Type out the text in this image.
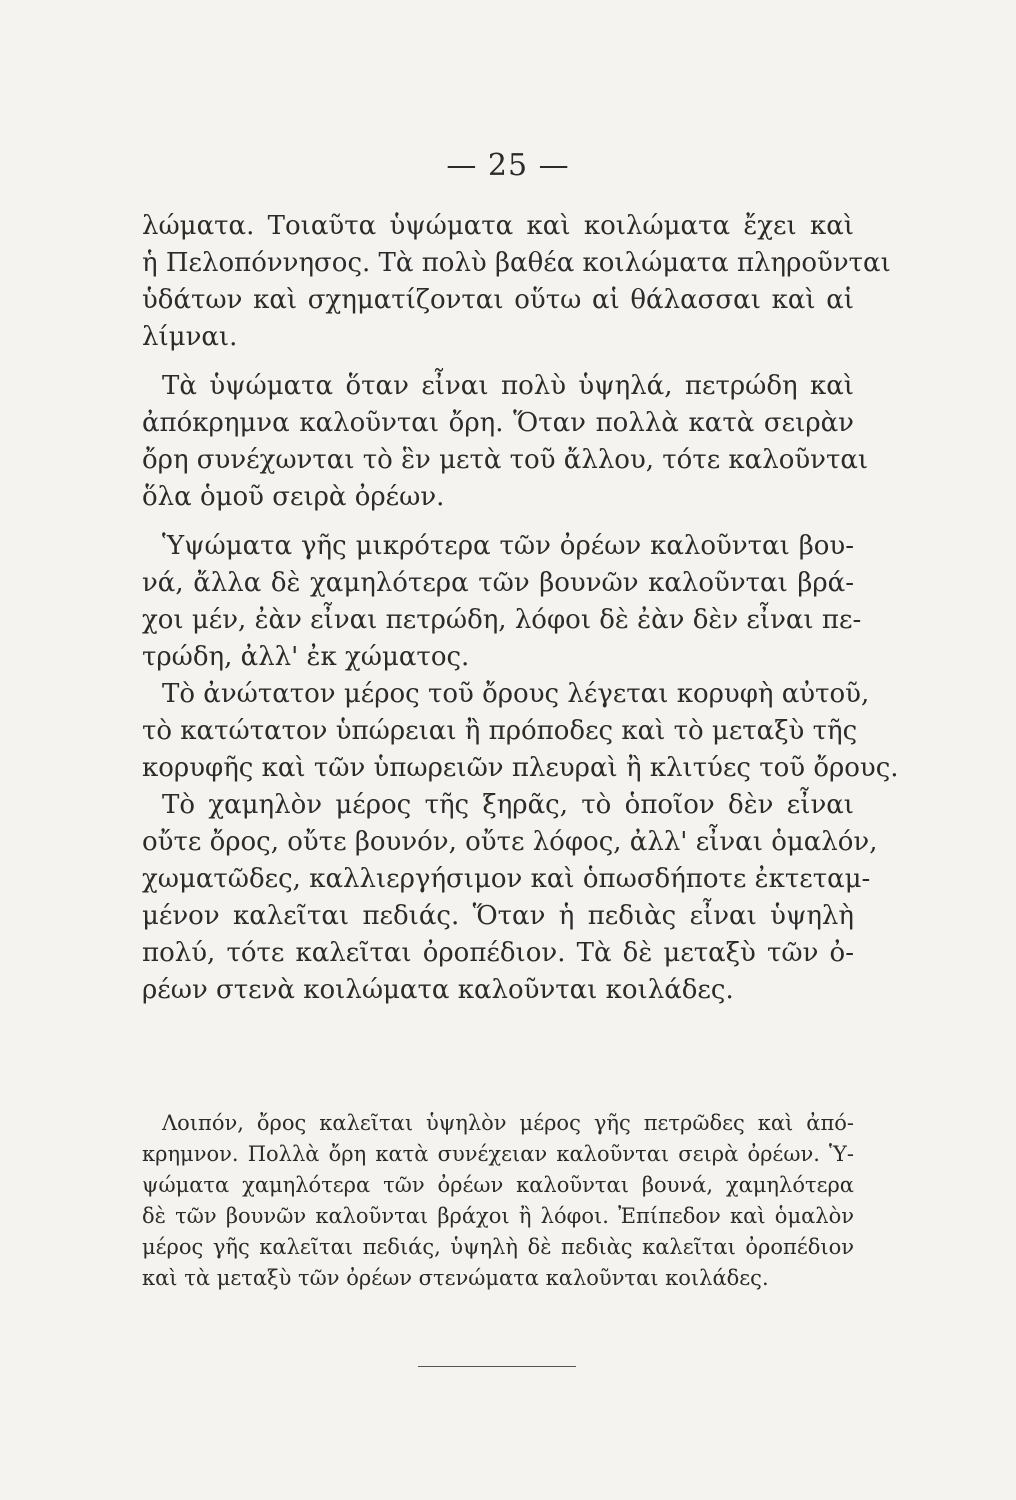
— 25 —
λώματα. Τοιαῦτα ὑψώματα καὶ κοιλώματα ἔχει καὶ
ἡ Πελοπόννησος. Τὰ πολὺ βαθέα κοιλώματα πληροῦνται
ὑδάτων καὶ σχηματίζονται οὕτω αἱ θάλασσαι καὶ αἱ
λίμναι.
Τὰ ὑψώματα ὅταν εἶναι πολὺ ὑψηλά, πετρώδη καὶ
ἀπόκρημνα καλοῦνται ὄρη. Ὅταν πολλὰ κατὰ σειρὰν
ὄρη συνέχωνται τὸ ἓν μετὰ τοῦ ἄλλου, τότε καλοῦνται
ὅλα ὁμοῦ σειρὰ ὀρέων.
Ὑψώματα γῆς μικρότερα τῶν ὀρέων καλοῦνται βου-
νά, ἄλλα δὲ χαμηλότερα τῶν βουνῶν καλοῦνται βρά-
χοι μέν, ἐὰν εἶναι πετρώδη, λόφοι δὲ ἐὰν δὲν εἶναι πε-
τρώδη, ἀλλ' ἐκ χώματος.
Τὸ ἀνώτατον μέρος τοῦ ὄρους λέγεται κορυφὴ αὐτοῦ,
τὸ κατώτατον ὑπώρειαι ἢ πρόποδες καὶ τὸ μεταξὺ τῆς
κορυφῆς καὶ τῶν ὑπωρειῶν πλευραὶ ἢ κλιτύες τοῦ ὄρους.
Τὸ χαμηλὸν μέρος τῆς ξηρᾶς, τὸ ὁποῖον δὲν εἶναι
οὔτε ὄρος, οὔτε βουνόν, οὔτε λόφος, ἀλλ' εἶναι ὁμαλόν,
χωματῶδες, καλλιεργήσιμον καὶ ὁπωσδήποτε ἐκτεταμ-
μένον καλεῖται πεδιάς. Ὅταν ἡ πεδιὰς εἶναι ὑψηλὴ
πολύ, τότε καλεῖται ὀροπέδιον. Τὰ δὲ μεταξὺ τῶν ὀ-
ρέων στενὰ κοιλώματα καλοῦνται κοιλάδες.
Λοιπόν, ὄρος καλεῖται ὑψηλὸν μέρος γῆς πετρῶδες καὶ ἀπό-
κρημνον. Πολλὰ ὄρη κατὰ συνέχειαν καλοῦνται σειρὰ ὀρέων. Ὑ-
ψώματα χαμηλότερα τῶν ὀρέων καλοῦνται βουνά, χαμηλότερα
δὲ τῶν βουνῶν καλοῦνται βράχοι ἢ λόφοι. Ἐπίπεδον καὶ ὁμαλὸν
μέρος γῆς καλεῖται πεδιάς, ὑψηλὴ δὲ πεδιὰς καλεῖται ὀροπέδιον
καὶ τὰ μεταξὺ τῶν ὀρέων στενώματα καλοῦνται κοιλάδες.
